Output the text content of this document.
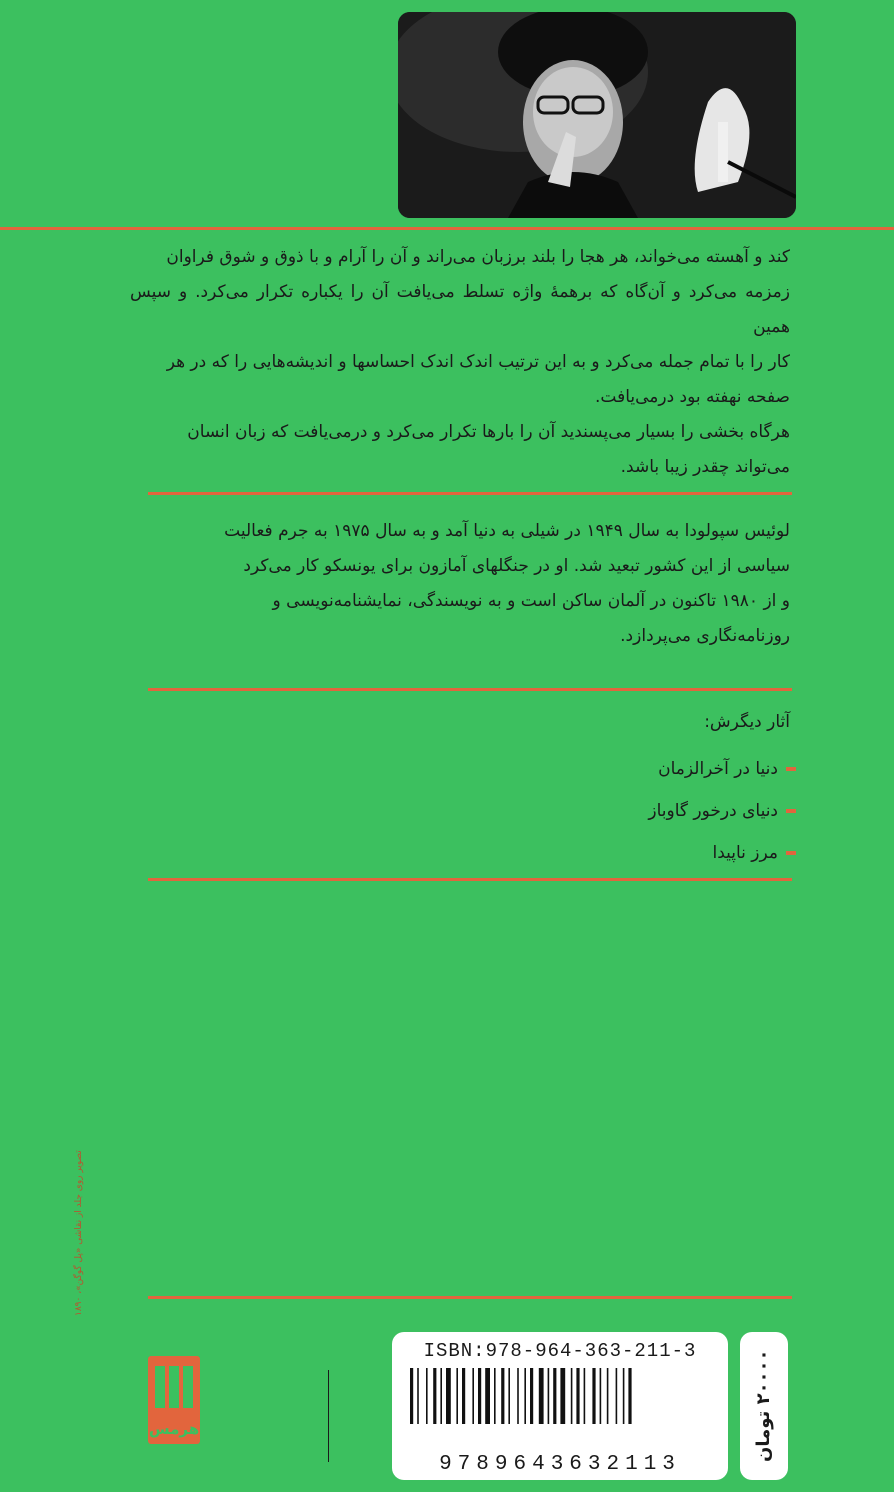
کند و آهسته می‌خواند، هر هجا را بلند برزبان می‌راند و آن را آرام و با ذوق و شوق فراوان

زمزمه می‌کرد و آن‌گاه که برهمهٔ واژه تسلط می‌یافت آن را یکباره تکرار می‌کرد. و سپس همین

کار را با تمام جمله می‌کرد و به این ترتیب اندک اندک احساسها و اندیشه‌هایی را که در هر

صفحه نهفته بود درمی‌یافت.

هرگاه بخشی را بسیار می‌پسندید آن را بارها تکرار می‌کرد و درمی‌یافت که زبان انسان

می‌تواند چقدر زیبا باشد.

لوئیس سپولودا به سال ۱۹۴۹ در شیلی به دنیا آمد و به سال ۱۹۷۵ به جرم فعالیت

سیاسی از این کشور تبعید شد. او در جنگلهای آمازون برای یونسکو کار می‌کرد

و از ۱۹۸۰ تاکنون در آلمان ساکن است و به نویسندگی، نمایشنامه‌نویسی و

روزنامه‌نگاری می‌پردازد.

آثار دیگرش:
دنیا در آخرالزمان
دنیای درخور گاوباز
مرز ناپیدا
تصویر روی جلد از نقاشی «پل گوگن»، ۱۸۹۰
هرمس
ISBN:978-964-363-211-3
9789643632113
۲۰۰۰۰ تومان
